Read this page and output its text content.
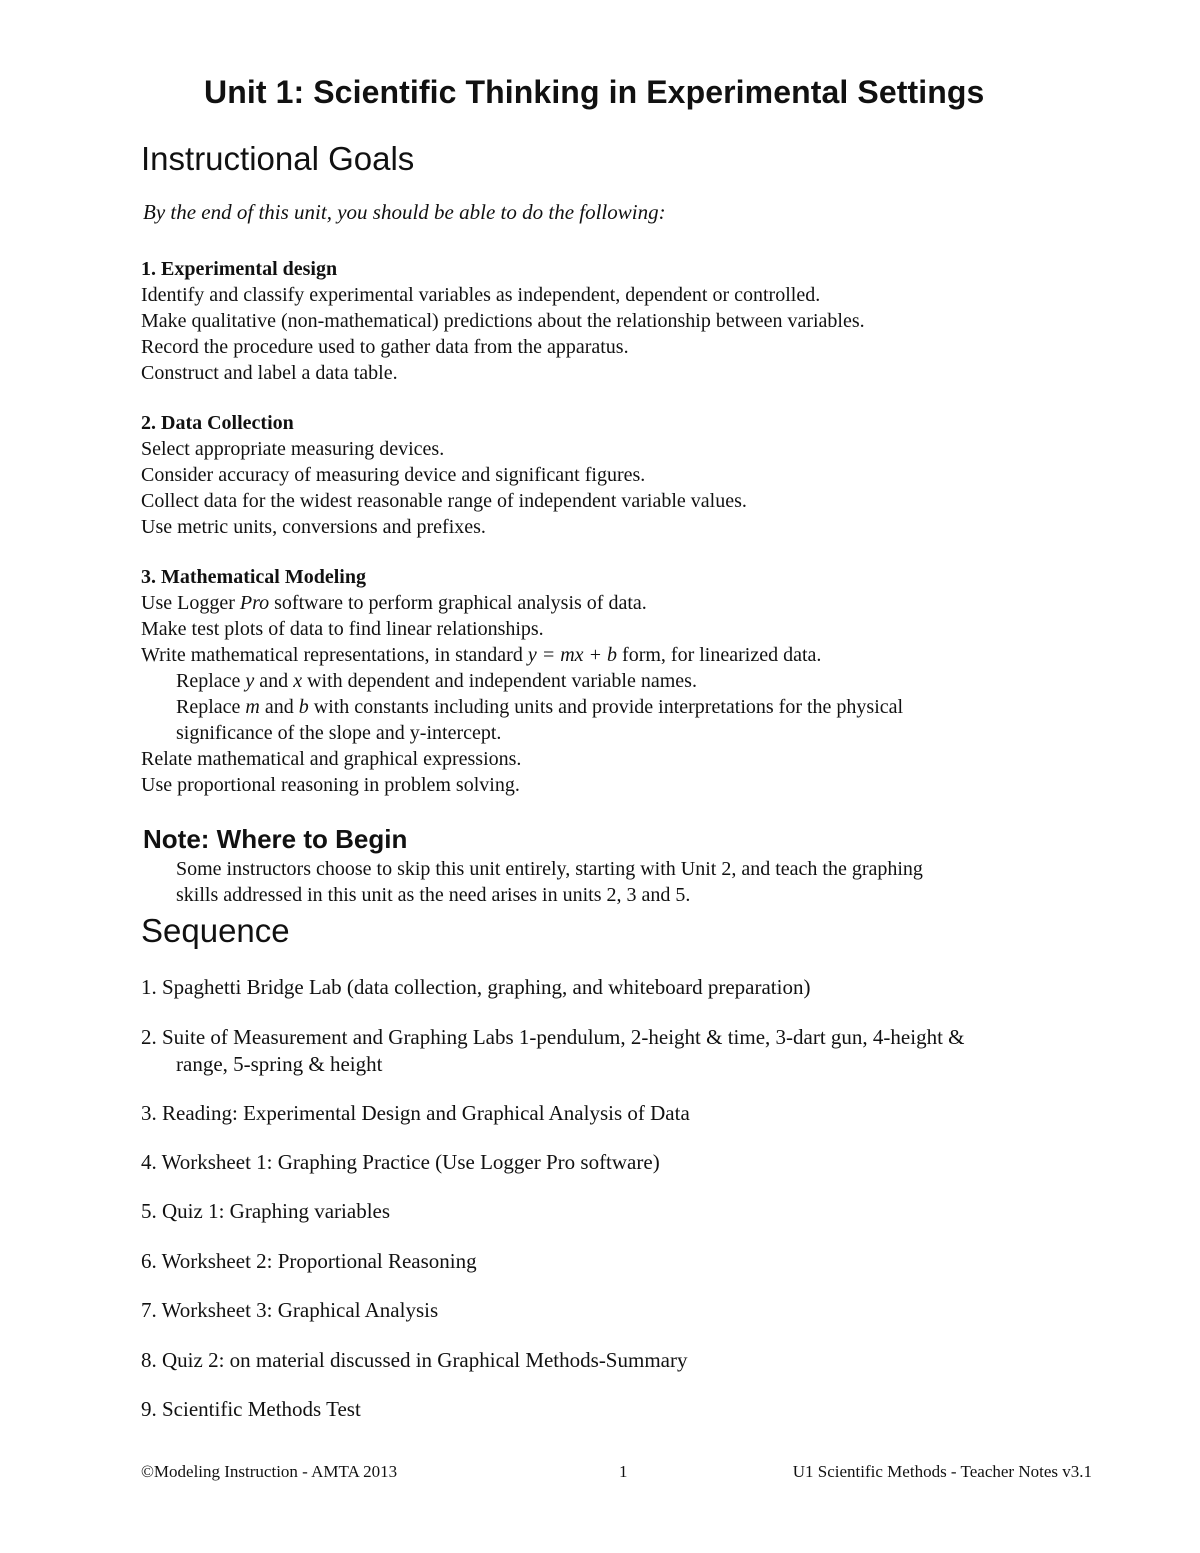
Unit 1: Scientific Thinking in Experimental Settings
Instructional Goals
By the end of this unit, you should be able to do the following:
1. Experimental design
Identify and classify experimental variables as independent, dependent or controlled.
Make qualitative (non-mathematical) predictions about the relationship between variables.
Record the procedure used to gather data from the apparatus.
Construct and label a data table.
2. Data Collection
Select appropriate measuring devices.
Consider accuracy of measuring device and significant figures.
Collect data for the widest reasonable range of independent variable values.
Use metric units, conversions and prefixes.
3. Mathematical Modeling
Use Logger Pro software to perform graphical analysis of data.
Make test plots of data to find linear relationships.
Write mathematical representations, in standard y = mx + b form, for linearized data.
Replace y and x with dependent and independent variable names.
Replace m and b with constants including units and provide interpretations for the physical
significance of the slope and y-intercept.
Relate mathematical and graphical expressions.
Use proportional reasoning in problem solving.
Note: Where to Begin
Some instructors choose to skip this unit entirely, starting with Unit 2, and teach the graphing
skills addressed in this unit as the need arises in units 2, 3 and 5.
Sequence
1. Spaghetti Bridge Lab (data collection, graphing, and whiteboard preparation)
2. Suite of Measurement and Graphing Labs 1-pendulum, 2-height & time, 3-dart gun, 4-height &
range, 5-spring & height
3. Reading: Experimental Design and Graphical Analysis of Data
4. Worksheet 1: Graphing Practice (Use Logger Pro software)
5. Quiz 1: Graphing variables
6. Worksheet 2: Proportional Reasoning
7. Worksheet 3: Graphical Analysis
8. Quiz 2: on material discussed in Graphical Methods-Summary
9. Scientific Methods Test
©Modeling Instruction - AMTA 2013	1	U1 Scientific Methods - Teacher Notes v3.1
